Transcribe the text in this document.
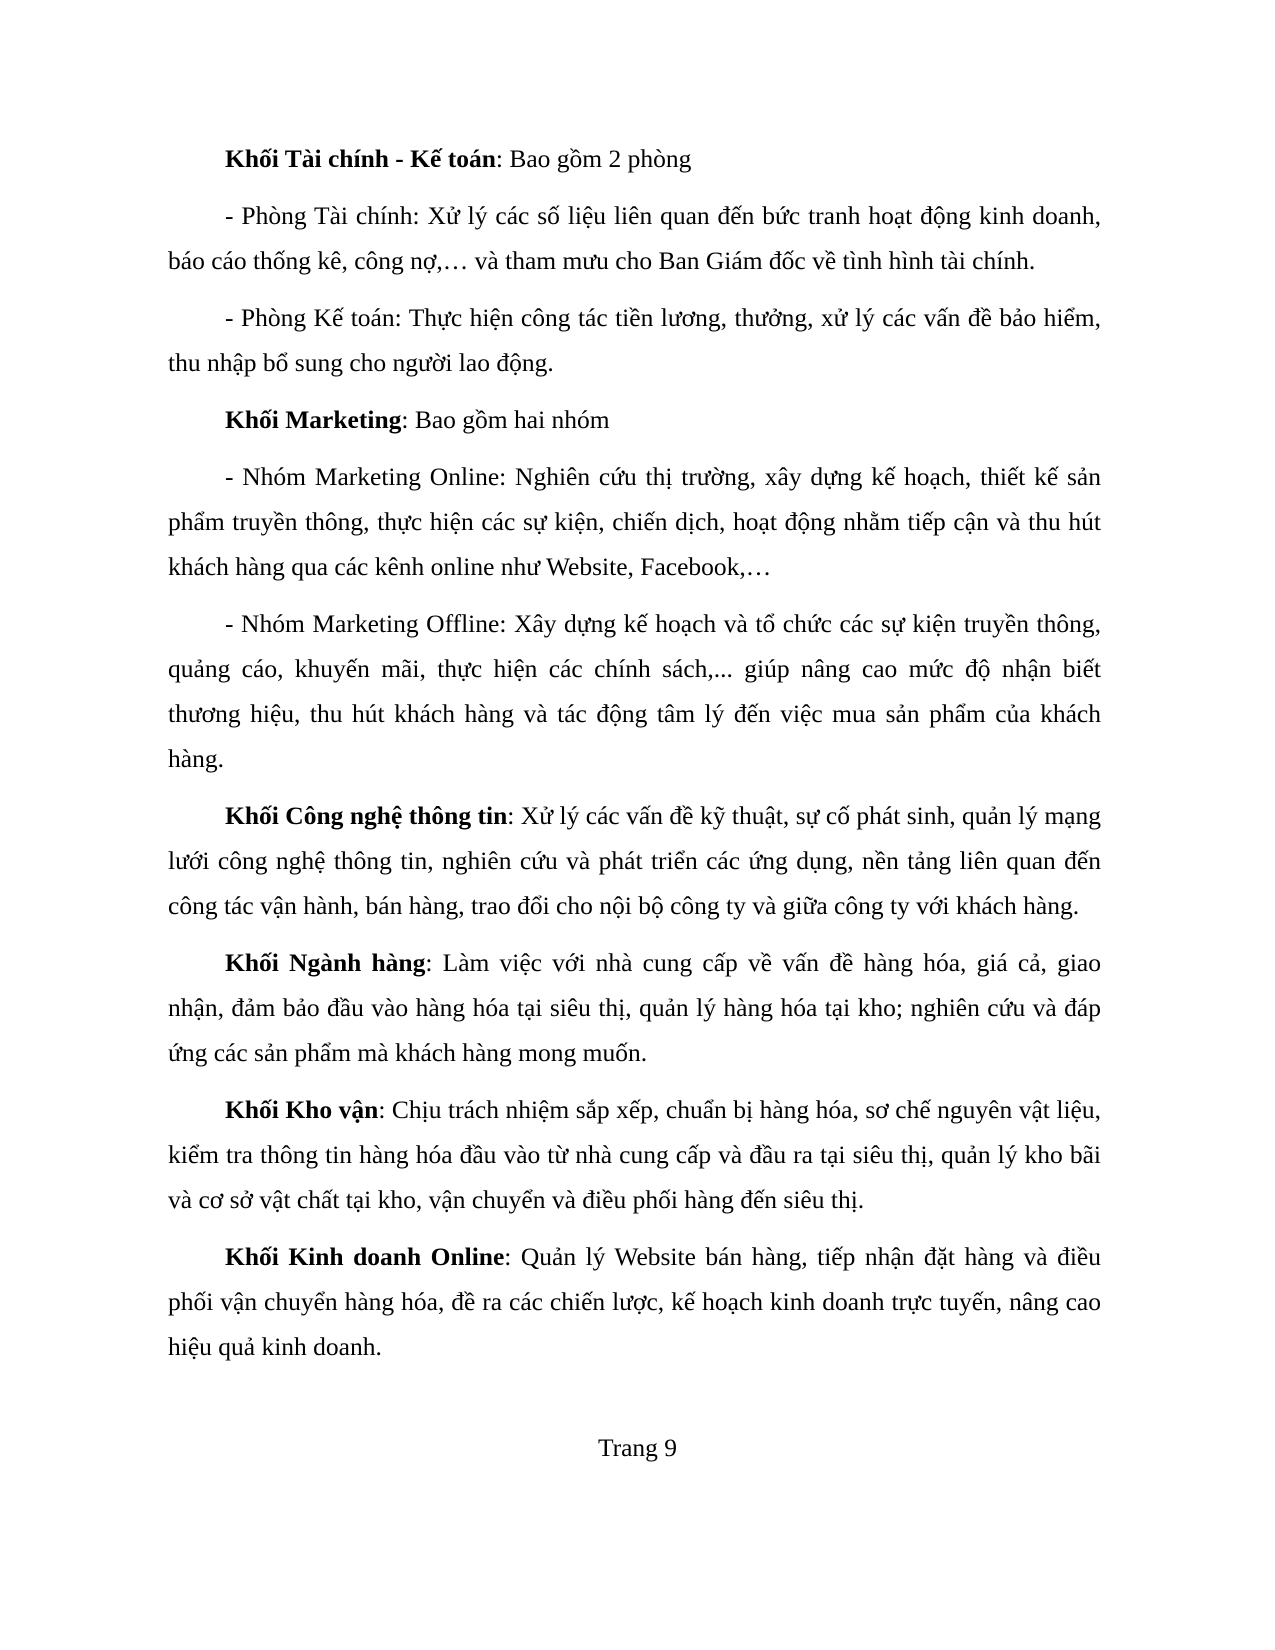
Khối Tài chính - Kế toán: Bao gồm 2 phòng

- Phòng Tài chính: Xử lý các số liệu liên quan đến bức tranh hoạt động kinh doanh, báo cáo thống kê, công nợ,… và tham mưu cho Ban Giám đốc về tình hình tài chính.

- Phòng Kế toán: Thực hiện công tác tiền lương, thưởng, xử lý các vấn đề bảo hiểm, thu nhập bổ sung cho người lao động.

Khối Marketing: Bao gồm hai nhóm

- Nhóm Marketing Online: Nghiên cứu thị trường, xây dựng kế hoạch, thiết kế sản phẩm truyền thông, thực hiện các sự kiện, chiến dịch, hoạt động nhằm tiếp cận và thu hút khách hàng qua các kênh online như Website, Facebook,…

- Nhóm Marketing Offline: Xây dựng kế hoạch và tổ chức các sự kiện truyền thông, quảng cáo, khuyến mãi, thực hiện các chính sách,... giúp nâng cao mức độ nhận biết thương hiệu, thu hút khách hàng và tác động tâm lý đến việc mua sản phẩm của khách hàng.

Khối Công nghệ thông tin: Xử lý các vấn đề kỹ thuật, sự cố phát sinh, quản lý mạng lưới công nghệ thông tin, nghiên cứu và phát triển các ứng dụng, nền tảng liên quan đến công tác vận hành, bán hàng, trao đổi cho nội bộ công ty và giữa công ty với khách hàng.

Khối Ngành hàng: Làm việc với nhà cung cấp về vấn đề hàng hóa, giá cả, giao nhận, đảm bảo đầu vào hàng hóa tại siêu thị, quản lý hàng hóa tại kho; nghiên cứu và đáp ứng các sản phẩm mà khách hàng mong muốn.

Khối Kho vận: Chịu trách nhiệm sắp xếp, chuẩn bị hàng hóa, sơ chế nguyên vật liệu, kiểm tra thông tin hàng hóa đầu vào từ nhà cung cấp và đầu ra tại siêu thị, quản lý kho bãi và cơ sở vật chất tại kho, vận chuyển và điều phối hàng đến siêu thị.

Khối Kinh doanh Online: Quản lý Website bán hàng, tiếp nhận đặt hàng và điều phối vận chuyển hàng hóa, đề ra các chiến lược, kế hoạch kinh doanh trực tuyến, nâng cao hiệu quả kinh doanh.

Trang 9
